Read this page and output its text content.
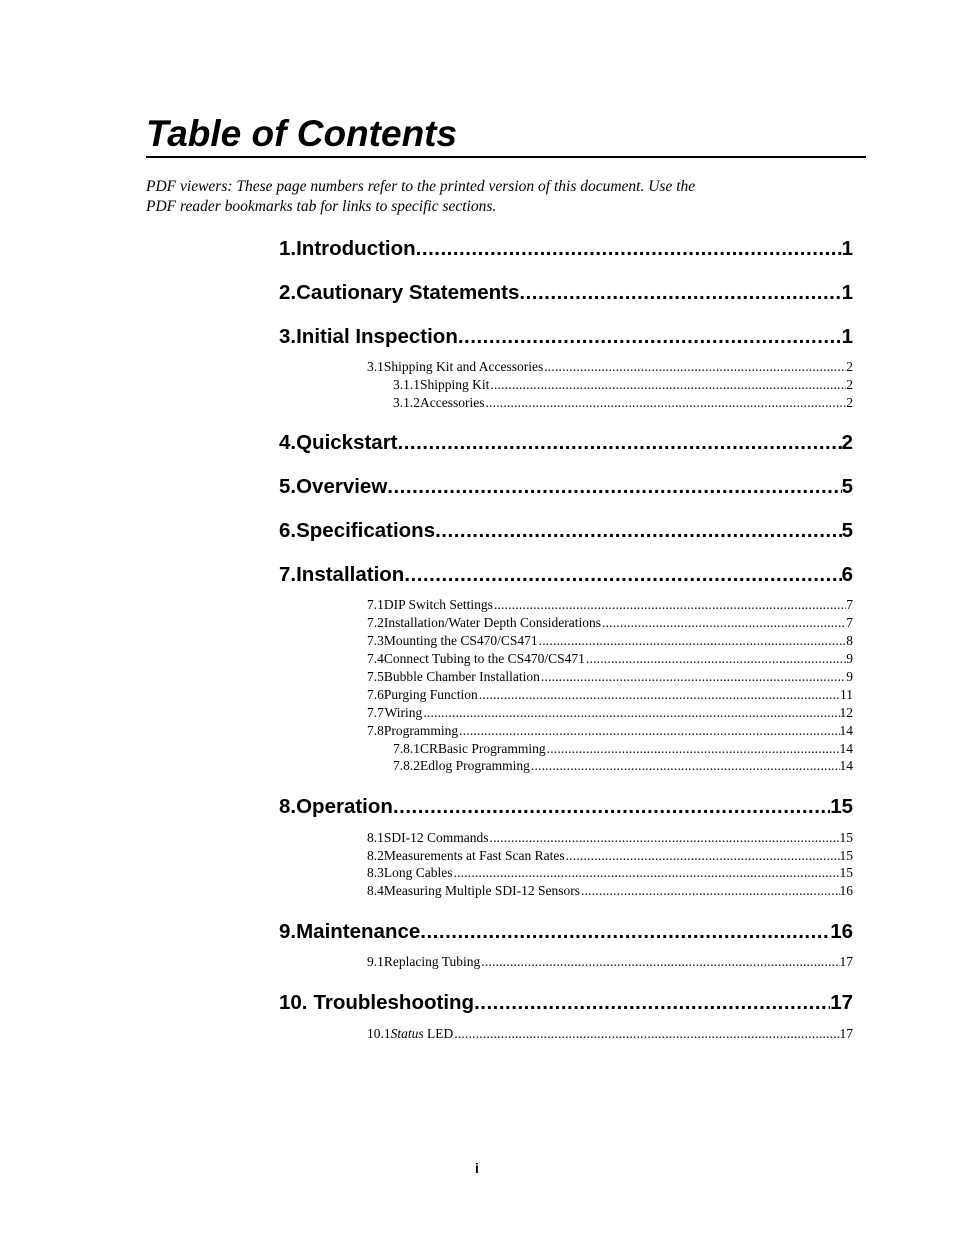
Table of Contents
PDF viewers: These page numbers refer to the printed version of this document. Use the
PDF reader bookmarks tab for links to specific sections.
1. Introduction .....	1
2. Cautionary Statements .....	1
3. Initial Inspection .....	1
3.1 Shipping Kit and Accessories .....	2
3.1.1 Shipping Kit .....	2
3.1.2 Accessories .....	2
4. Quickstart .....	2
5. Overview .....	5
6. Specifications .....	5
7. Installation .....	6
7.1 DIP Switch Settings .....	7
7.2 Installation/Water Depth Considerations .....	7
7.3 Mounting the CS470/CS471 .....	8
7.4 Connect Tubing to the CS470/CS471 .....	9
7.5 Bubble Chamber Installation .....	9
7.6 Purging Function .....	11
7.7 Wiring .....	12
7.8 Programming .....	14
7.8.1 CRBasic Programming .....	14
7.8.2 Edlog Programming .....	14
8. Operation .....	15
8.1 SDI-12 Commands .....	15
8.2 Measurements at Fast Scan Rates .....	15
8.3 Long Cables .....	15
8.4 Measuring Multiple SDI-12 Sensors .....	16
9. Maintenance .....	16
9.1 Replacing Tubing .....	17
10. Troubleshooting .....	17
10.1 Status LED .....	17
i
